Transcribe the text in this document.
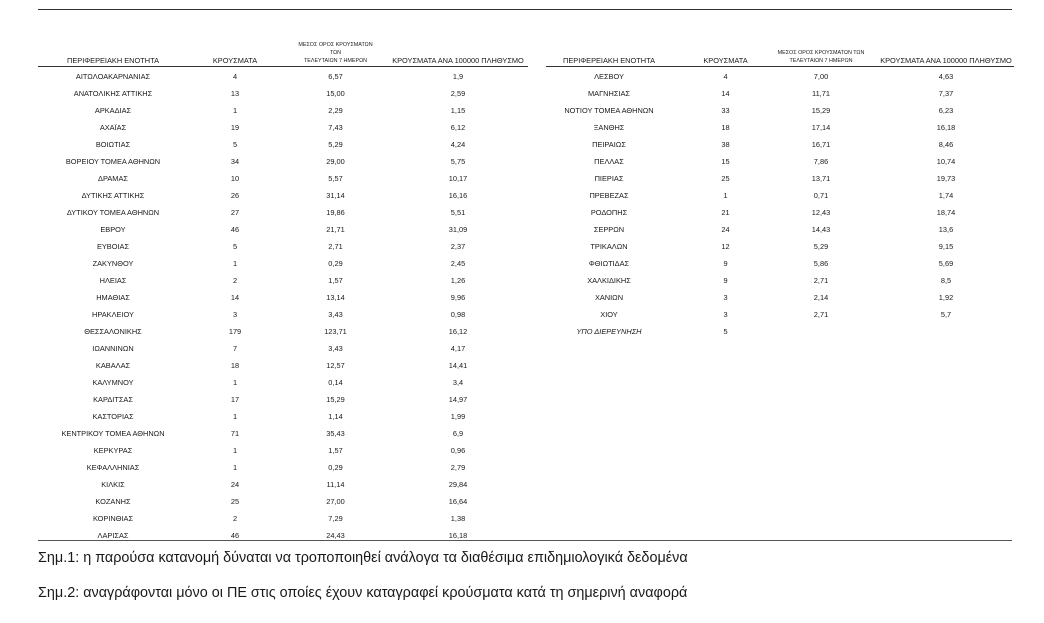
ΠΕΡΙΦΕΡΕΙΑΚΗ ΕΝΟΤΗΤΑ	ΚΡΟΥΣΜΑΤΑ
ΜΕΣΟΣ ΟΡΟΣ ΚΡΟΥΣΜΑΤΩΝ ΤΩΝ
ΤΕΛΕΥΤΑΙΩΝ 7 ΗΜΕΡΩΝ	ΚΡΟΥΣΜΑΤΑ ΑΝΑ 100000 ΠΛΗΘΥΣΜΟ
ΑΙΤΩΛΟΑΚΑΡΝΑΝΙΑΣ	4	6,57	1,9
ΑΝΑΤΟΛΙΚΗΣ ΑΤΤΙΚΗΣ	13	15,00	2,59
ΑΡΚΑΔΙΑΣ	1	2,29	1,15
ΑΧΑΪΑΣ	19	7,43	6,12
ΒΟΙΩΤΙΑΣ	5	5,29	4,24
ΒΟΡΕΙΟΥ ΤΟΜΕΑ ΑΘΗΝΩΝ	34	29,00	5,75
ΔΡΑΜΑΣ	10	5,57	10,17
ΔΥΤΙΚΗΣ ΑΤΤΙΚΗΣ	26	31,14	16,16
ΔΥΤΙΚΟΥ ΤΟΜΕΑ ΑΘΗΝΩΝ	27	19,86	5,51
ΕΒΡΟΥ	46	21,71	31,09
ΕΥΒΟΙΑΣ	5	2,71	2,37
ΖΑΚΥΝΘΟΥ	1	0,29	2,45
ΗΛΕΙΑΣ	2	1,57	1,26
ΗΜΑΘΙΑΣ	14	13,14	9,96
ΗΡΑΚΛΕΙΟΥ	3	3,43	0,98
ΘΕΣΣΑΛΟΝΙΚΗΣ	179	123,71	16,12
ΙΩΑΝΝΙΝΩΝ	7	3,43	4,17
ΚΑΒΑΛΑΣ	18	12,57	14,41
ΚΑΛΥΜΝΟΥ	1	0,14	3,4
ΚΑΡΔΙΤΣΑΣ	17	15,29	14,97
ΚΑΣΤΟΡΙΑΣ	1	1,14	1,99
ΚΕΝΤΡΙΚΟΥ ΤΟΜΕΑ ΑΘΗΝΩΝ	71	35,43	6,9
ΚΕΡΚΥΡΑΣ	1	1,57	0,96
ΚΕΦΑΛΛΗΝΙΑΣ	1	0,29	2,79
ΚΙΛΚΙΣ	24	11,14	29,84
ΚΟΖΑΝΗΣ	25	27,00	16,64
ΚΟΡΙΝΘΙΑΣ	2	7,29	1,38
ΛΑΡΙΣΑΣ	46	24,43	16,18
ΠΕΡΙΦΕΡΕΙΑΚΗ ΕΝΟΤΗΤΑ	ΚΡΟΥΣΜΑΤΑ
ΜΕΣΟΣ ΟΡΟΣ ΚΡΟΥΣΜΑΤΩΝ ΤΩΝ
ΤΕΛΕΥΤΑΙΩΝ 7 ΗΜΕΡΩΝ	ΚΡΟΥΣΜΑΤΑ ΑΝΑ 100000 ΠΛΗΘΥΣΜΟ
ΛΕΣΒΟΥ	4	7,00	4,63
ΜΑΓΝΗΣΙΑΣ	14	11,71	7,37
ΝΟΤΙΟΥ ΤΟΜΕΑ ΑΘΗΝΩΝ	33	15,29	6,23
ΞΑΝΘΗΣ	18	17,14	16,18
ΠΕΙΡΑΙΩΣ	38	16,71	8,46
ΠΕΛΛΑΣ	15	7,86	10,74
ΠΙΕΡΙΑΣ	25	13,71	19,73
ΠΡΕΒΕΖΑΣ	1	0,71	1,74
ΡΟΔΟΠΗΣ	21	12,43	18,74
ΣΕΡΡΩΝ	24	14,43	13,6
ΤΡΙΚΑΛΩΝ	12	5,29	9,15
ΦΘΙΩΤΙΔΑΣ	9	5,86	5,69
ΧΑΛΚΙΔΙΚΗΣ	9	2,71	8,5
ΧΑΝΙΩΝ	3	2,14	1,92
ΧΙΟΥ	3	2,71	5,7
ΥΠΟ ΔΙΕΡΕΥΝΗΣΗ	5
Σημ.1: η παρούσα κατανομή δύναται να τροποποιηθεί ανάλογα τα διαθέσιμα επιδημιολογικά δεδομένα
Σημ.2: αναγράφονται μόνο οι ΠΕ στις οποίες έχουν καταγραφεί κρούσματα κατά τη σημερινή αναφορά
